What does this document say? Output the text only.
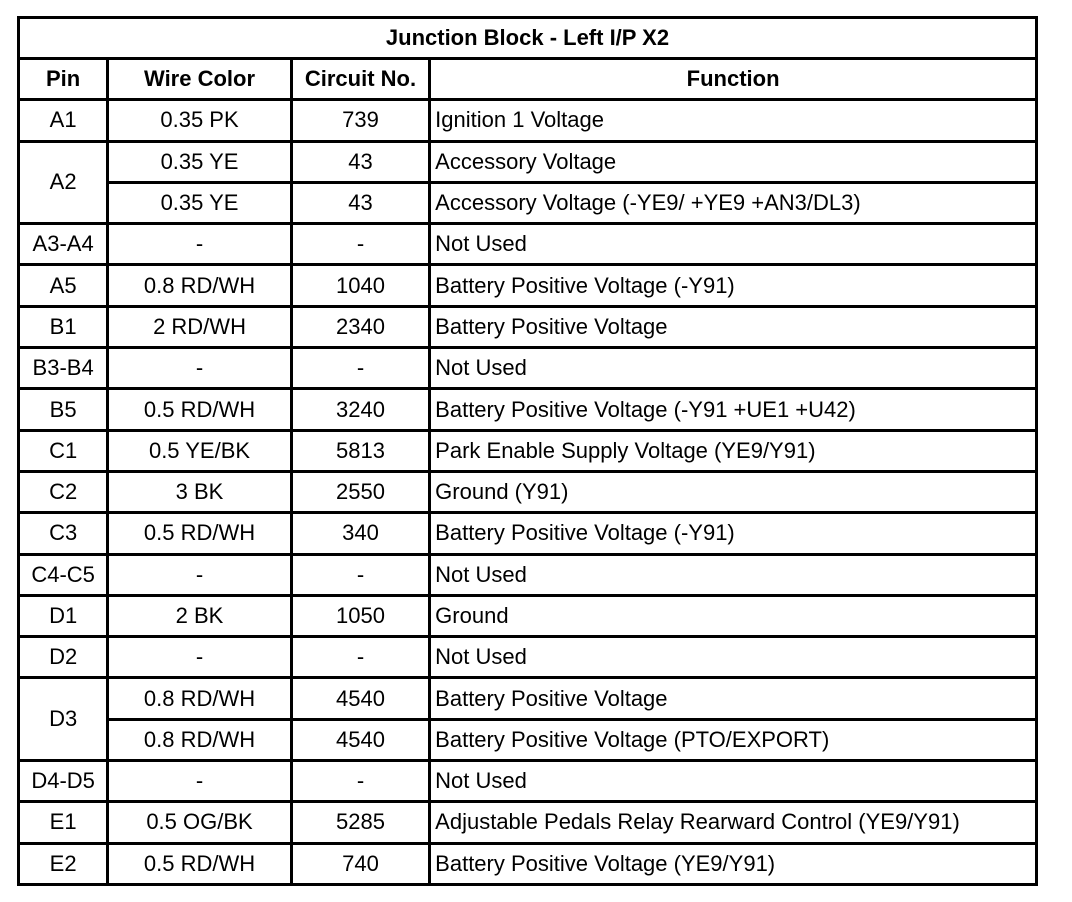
Junction Block - Left I/P X2			
Pin	Wire Color	Circuit No.	Function
A1	0.35 PK	739	Ignition 1 Voltage
A2	0.35 YE	43	Accessory Voltage
	0.35 YE	43	Accessory Voltage (-YE9/ +YE9 +AN3/DL3)
A3-A4	-	-	Not Used
A5	0.8 RD/WH	1040	Battery Positive Voltage (-Y91)
B1	2 RD/WH	2340	Battery Positive Voltage
B3-B4	-	-	Not Used
B5	0.5 RD/WH	3240	Battery Positive Voltage (-Y91 +UE1 +U42)
C1	0.5 YE/BK	5813	Park Enable Supply Voltage (YE9/Y91)
C2	3 BK	2550	Ground (Y91)
C3	0.5 RD/WH	340	Battery Positive Voltage (-Y91)
C4-C5	-	-	Not Used
D1	2 BK	1050	Ground
D2	-	-	Not Used
D3	0.8 RD/WH	4540	Battery Positive Voltage
	0.8 RD/WH	4540	Battery Positive Voltage (PTO/EXPORT)
D4-D5	-	-	Not Used
E1	0.5 OG/BK	5285	Adjustable Pedals Relay Rearward Control (YE9/Y91)
E2	0.5 RD/WH	740	Battery Positive Voltage (YE9/Y91)
